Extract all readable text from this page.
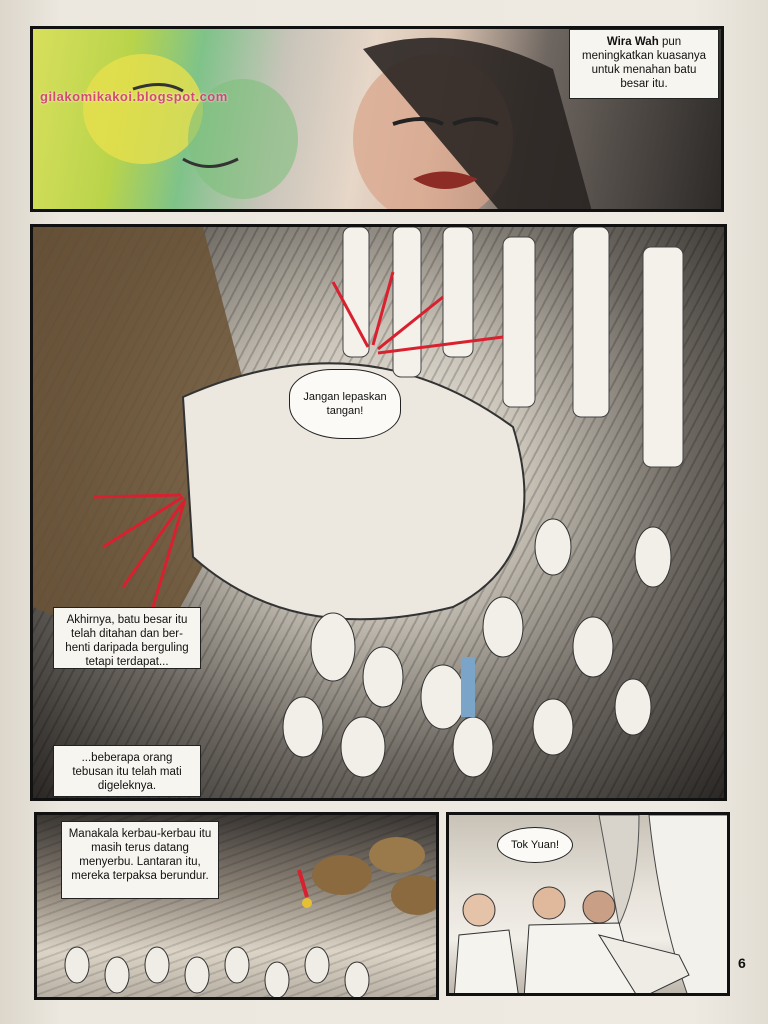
Wira Wah pun meningkatkan kuasanya untuk menahan batu besar itu.
gilakomikakoi.blogspot.com
Jangan lepaskan tangan!
Akhirnya, batu besar itu telah ditahan dan ber-henti daripada berguling tetapi terdapat...
...beberapa orang tebusan itu telah mati digeleknya.
Manakala kerbau-kerbau itu masih terus datang menyerbu. Lantaran itu, mereka terpaksa berundur.
Tok Yuan!
6
